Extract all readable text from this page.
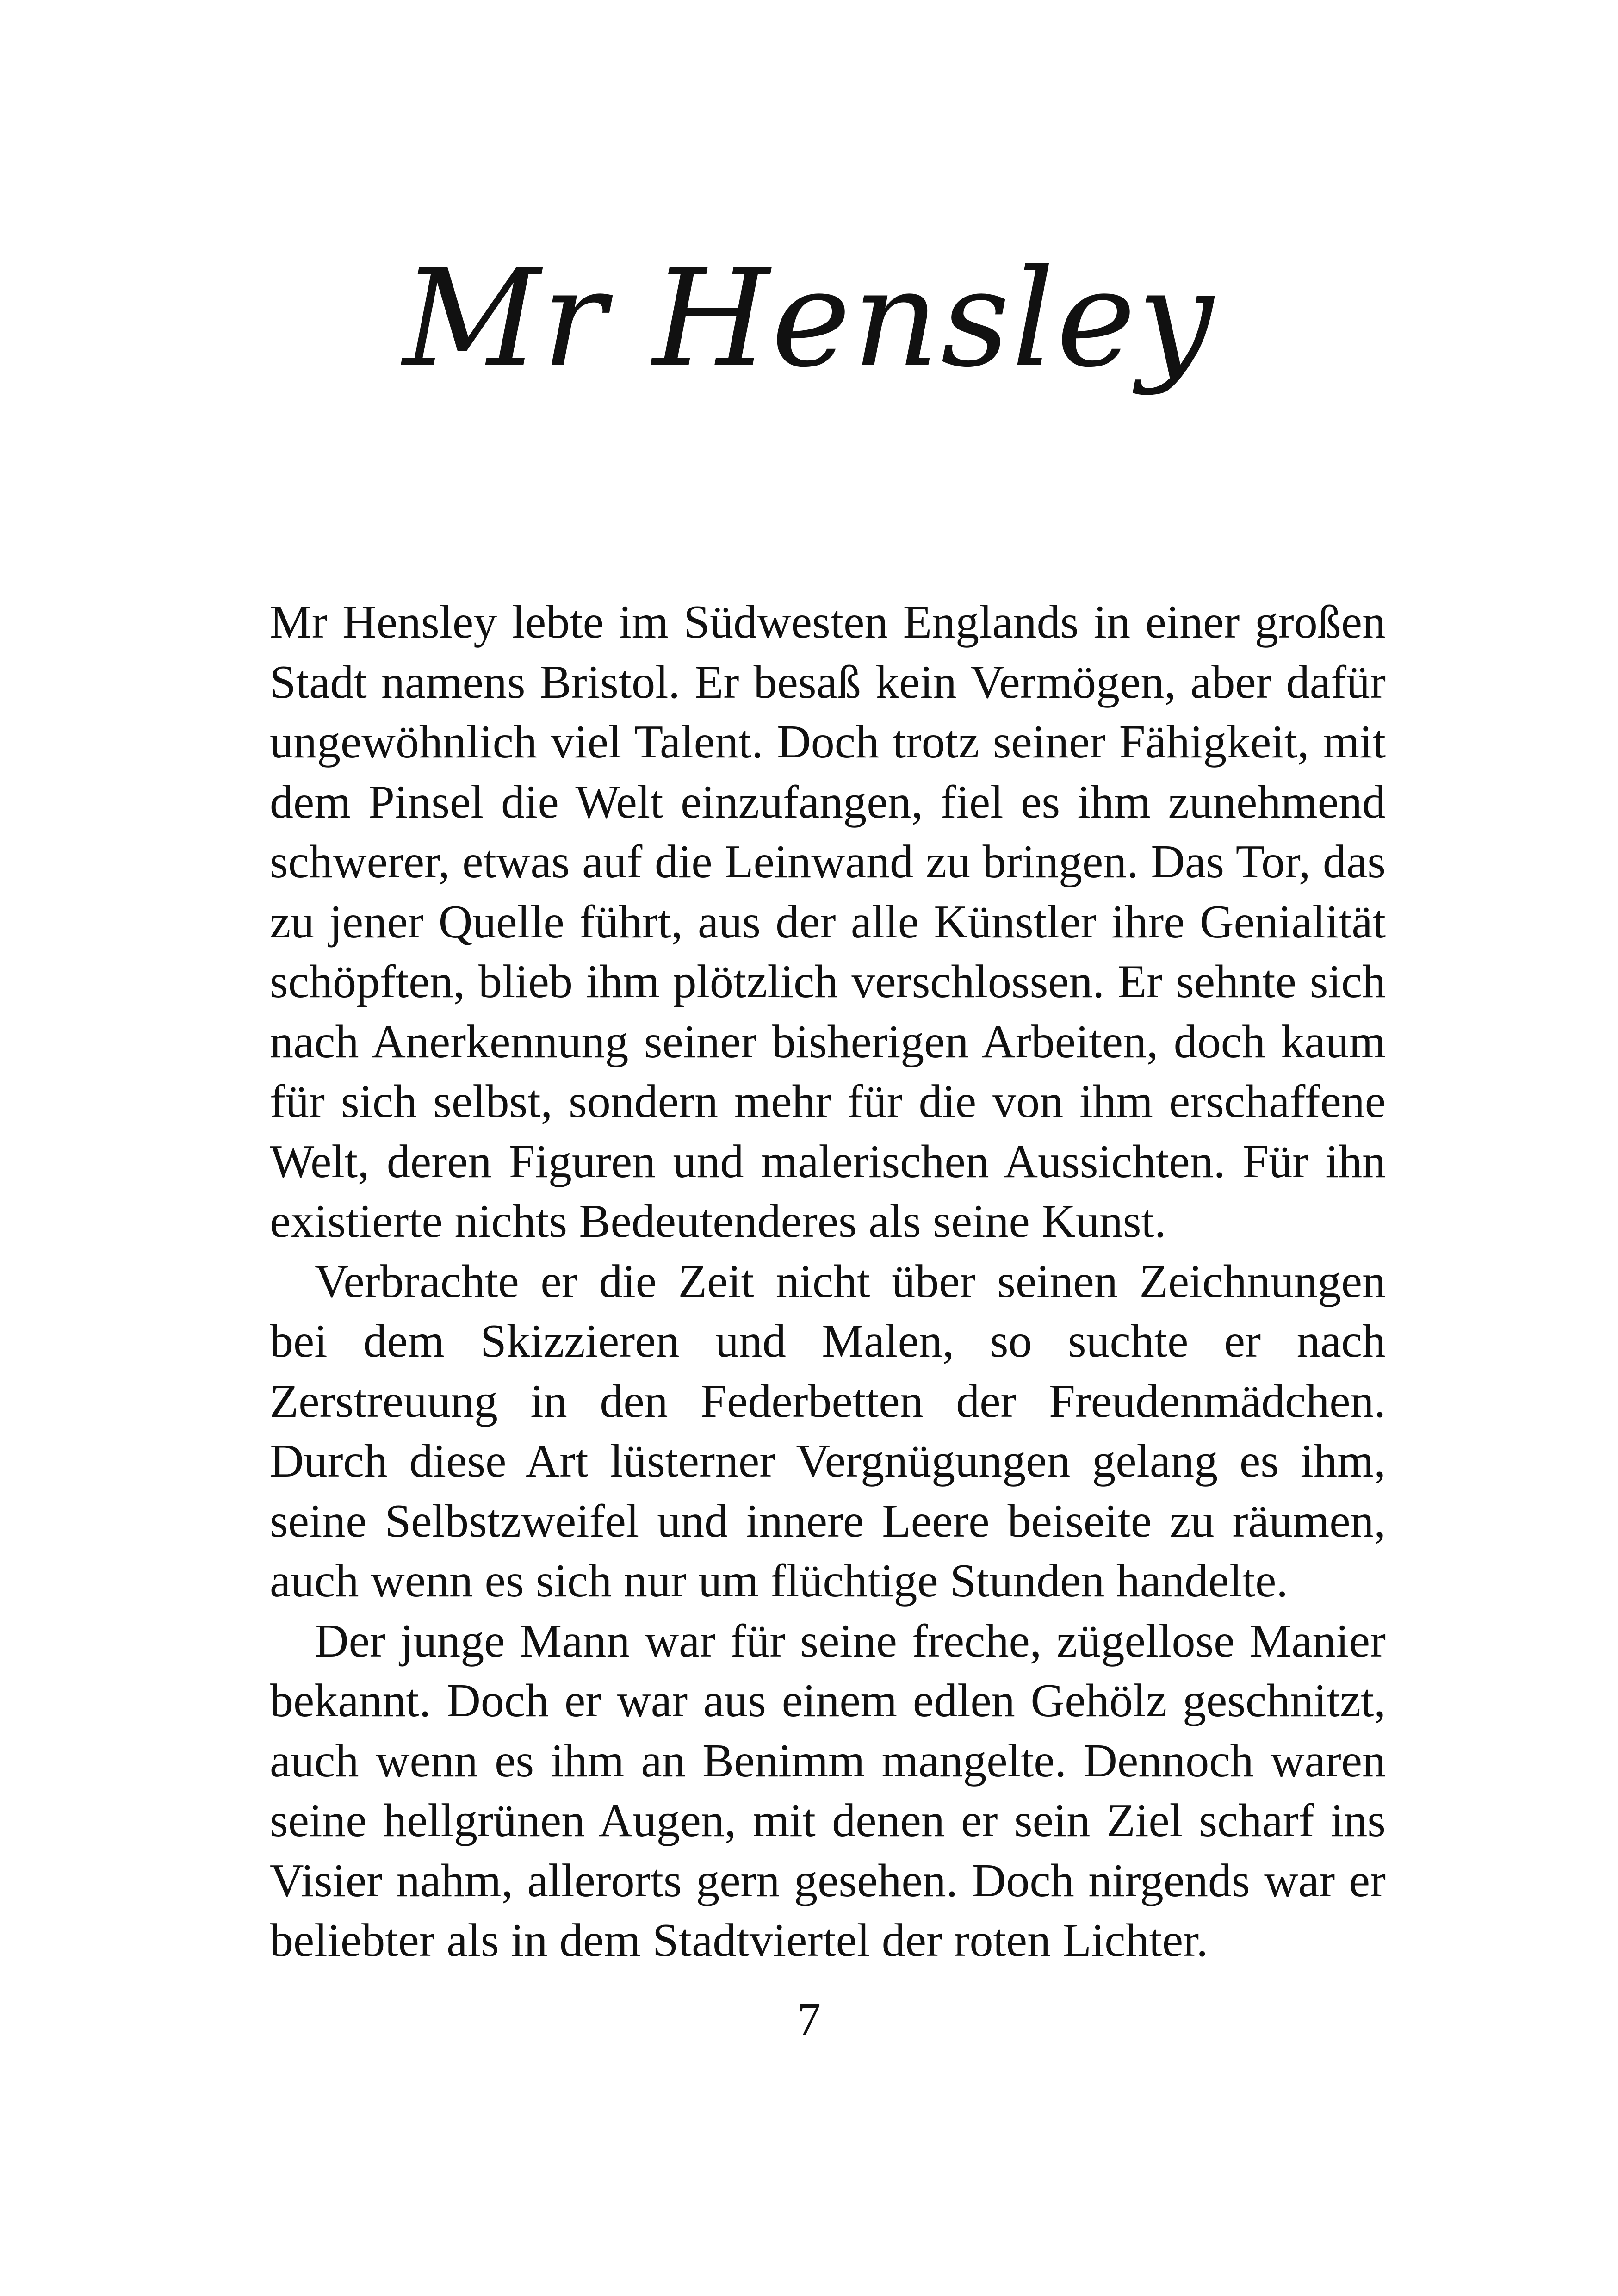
Mr Hensley

Mr Hensley lebte im Südwesten Englands in einer großen Stadt namens Bristol. Er besaß kein Vermögen, aber dafür ungewöhnlich viel Talent. Doch trotz seiner Fähigkeit, mit dem Pinsel die Welt einzufangen, fiel es ihm zunehmend schwerer, etwas auf die Leinwand zu bringen. Das Tor, das zu jener Quelle führt, aus der alle Künstler ihre Genialität schöpften, blieb ihm plötzlich verschlossen. Er sehnte sich nach Anerkennung seiner bisherigen Arbeiten, doch kaum für sich selbst, sondern mehr für die von ihm erschaffene Welt, deren Figuren und malerischen Aussichten. Für ihn existierte nichts Bedeutenderes als seine Kunst.

Verbrachte er die Zeit nicht über seinen Zeichnungen bei dem Skizzieren und Malen, so suchte er nach Zerstreuung in den Federbetten der Freudenmädchen. Durch diese Art lüsterner Vergnügungen gelang es ihm, seine Selbstzweifel und innere Leere beiseite zu räumen, auch wenn es sich nur um flüchtige Stunden handelte.

Der junge Mann war für seine freche, zügellose Manier bekannt. Doch er war aus einem edlen Gehölz geschnitzt, auch wenn es ihm an Benimm mangelte. Dennoch waren seine hellgrünen Augen, mit denen er sein Ziel scharf ins Visier nahm, allerorts gern gesehen. Doch nirgends war er beliebter als in dem Stadtviertel der roten Lichter.

7
